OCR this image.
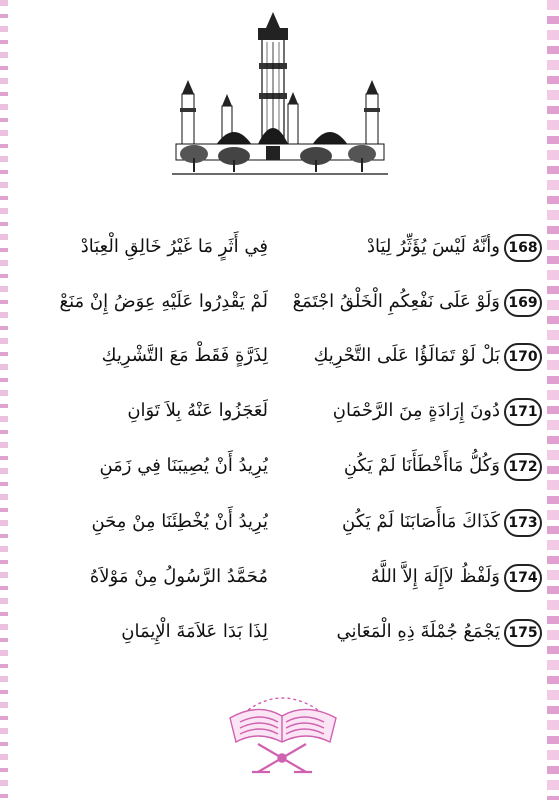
168
وأنَّهُ لَيْسَ يُؤَثِّرُ لِيَادْ
فِي أَثَرٍ مَا غَيْرُ خَالِقِ الْعِبَادْ
169
وَلَوْ عَلَى نَفْعِكُمِ الْخَلْقُ اجْتَمَعْ
لَمْ يَقْدِرُوا عَلَيْهِ عِوَضُ إِنْ مَنَعْ
170
بَلْ لَوْ تَمَالَؤُا عَلَى التَّحْرِيكِ
لِذَرَّةٍ فَقَطْ مَعَ التَّشْرِيكِ
171
دُونَ إِرَادَةٍ مِنَ الرَّحْمَانِ
لَعَجَزُوا عَنْهُ بِلاَ تَوَانِ
172
وَكُلُّ مَاأَخْطَأَنَا لَمْ يَكُنِ
يُرِيدُ أَنْ يُصِيبَنَا فِي زَمَنِ
173
كَذَاكَ مَاأَصَابَنَا لَمْ يَكُنِ
يُرِيدُ أَنْ يُخْطِئَنَا مِنْ مِحَنِ
174
وَلَفْظُ لاَإِلَهَ إِلاَّ اللَّهُ
مُحَمَّدُ الرَّسُولُ مِنْ مَوْلاَهُ
175
يَجْمَعُ جُمْلَةَ ذِهِ الْمَعَانِي
لِذَا بَدَا عَلاَمَةَ الْإِيمَانِ
